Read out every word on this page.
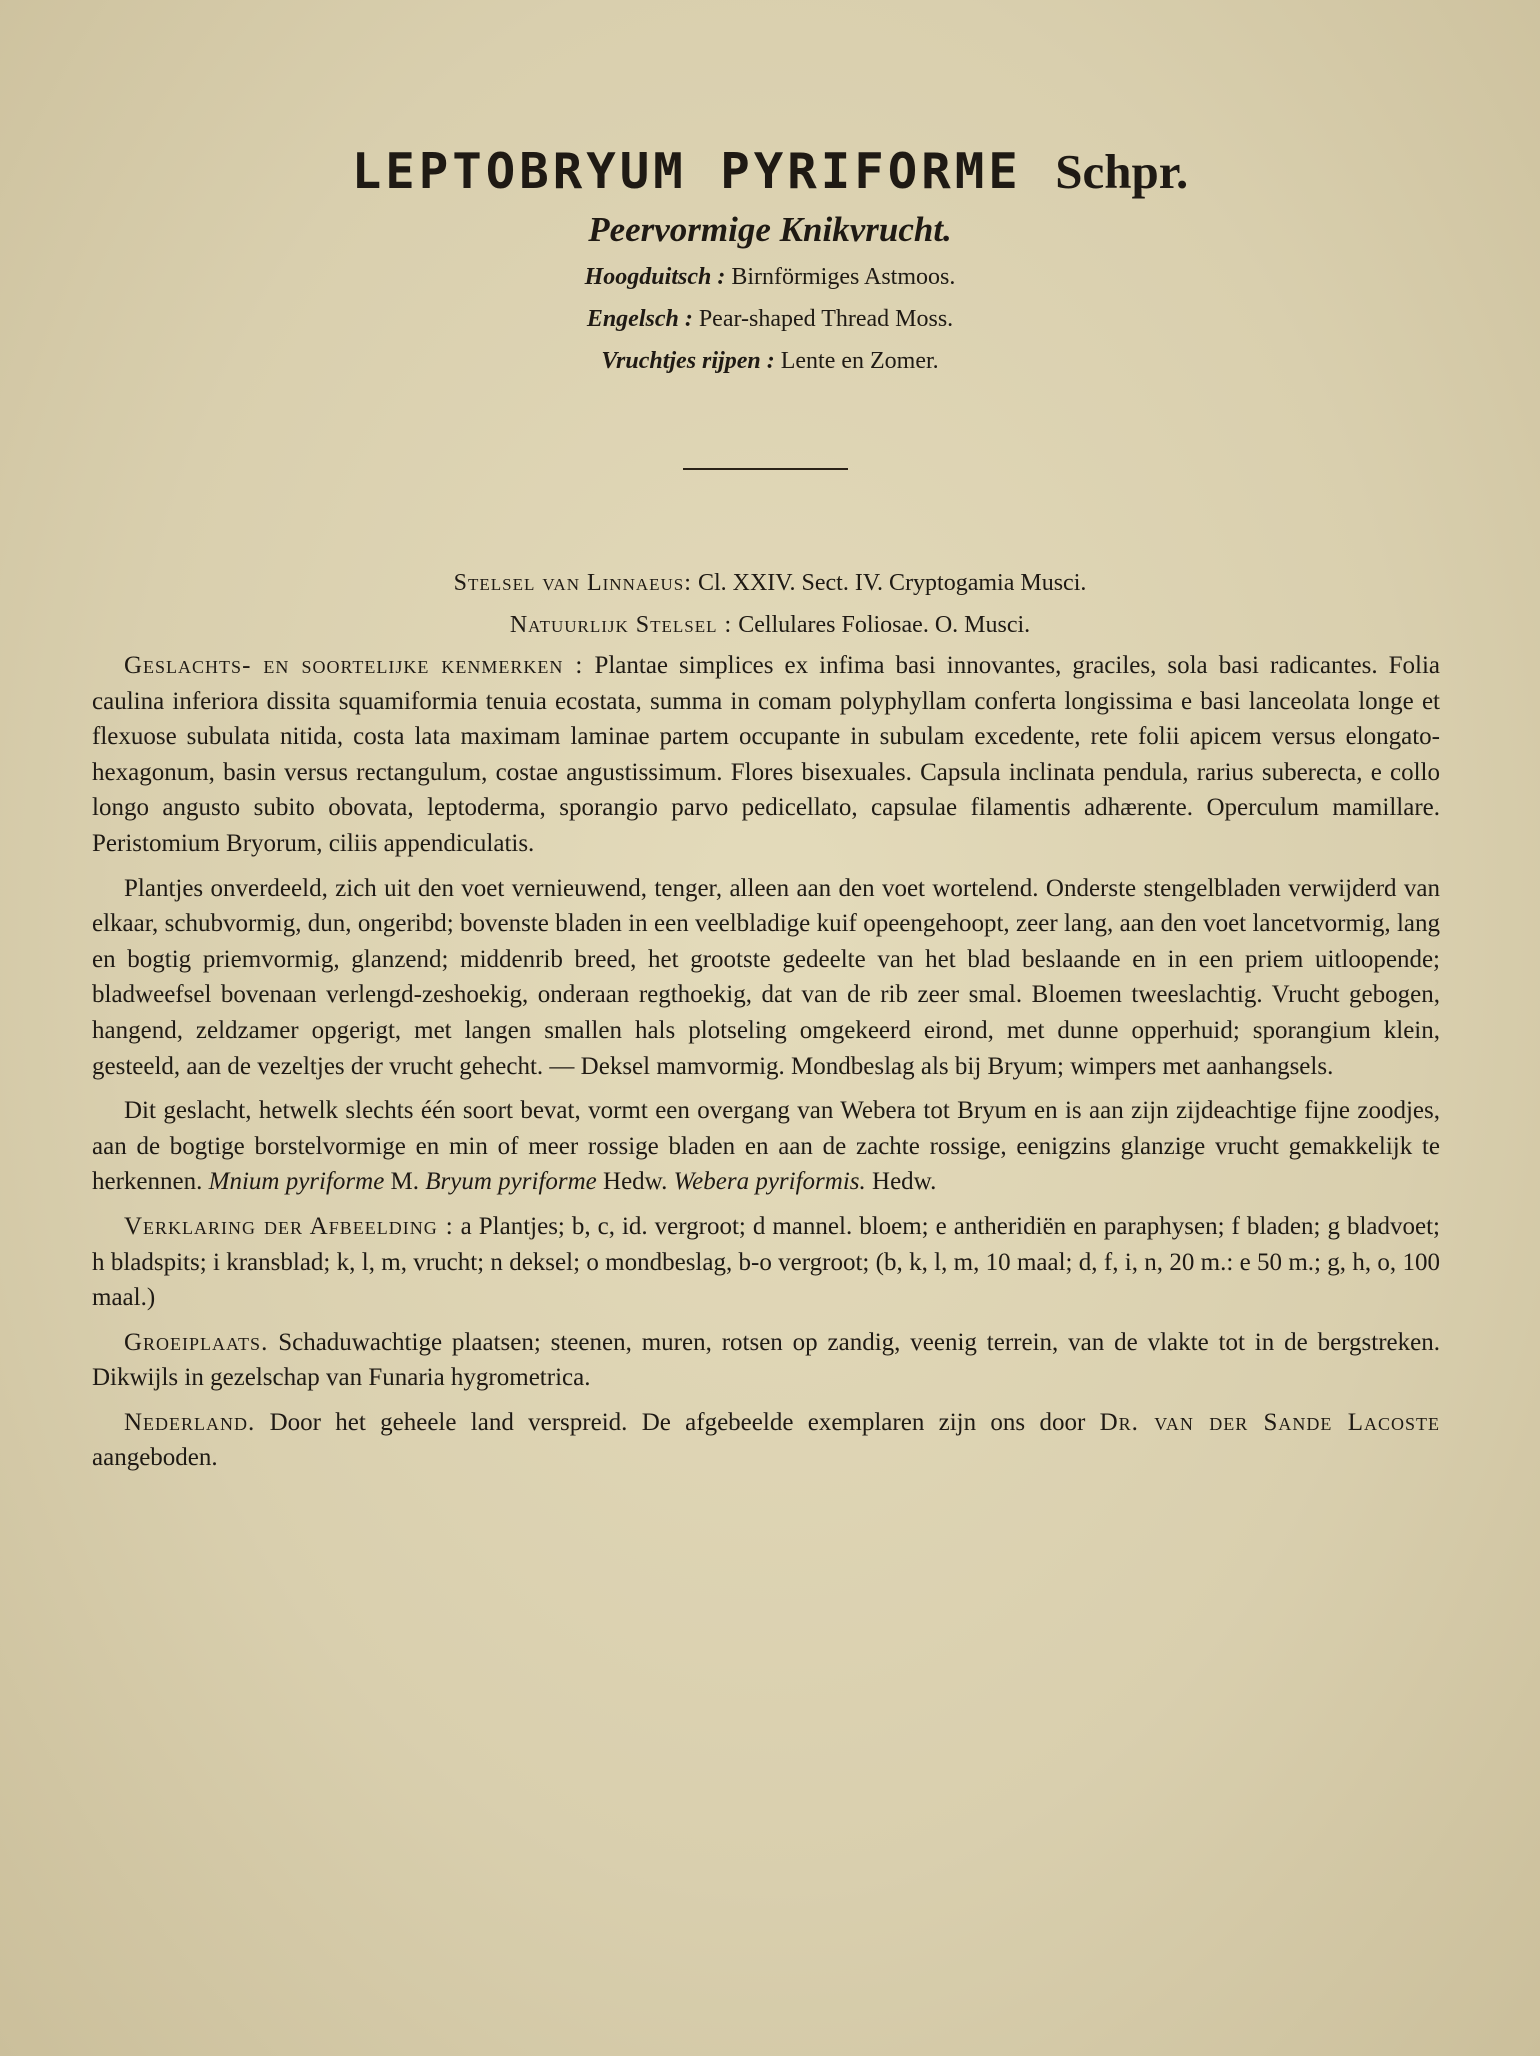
LEPTOBRYUM PYRIFORME Schpr.
Peervormige Knikvrucht.
Hoogduitsch : Birnförmiges Astmoos.
Engelsch : Pear-shaped Thread Moss.
Vruchtjes rijpen : Lente en Zomer.
Stelsel van Linnaeus: Cl. XXIV. Sect. IV. Cryptogamia Musci.
Natuurlijk Stelsel : Cellulares Foliosae. O. Musci.

Geslachts- en soortelijke kenmerken : Plantae simplices ex infima basi innovantes, graciles, sola basi radicantes. Folia caulina inferiora dissita squamiformia tenuia ecostata, summa in comam polyphyllam conferta longissima e basi lanceolata longe et flexuose subulata nitida, costa lata maximam laminae partem occupante in subulam excedente, rete folii apicem versus elongato-hexagonum, basin versus rectangulum, costae angustissimum. Flores bisexuales. Capsula inclinata pendula, rarius suberecta, e collo longo angusto subito obovata, leptoderma, sporangio parvo pedicellato, capsulae filamentis adhærente. Operculum mamillare. Peristomium Bryorum, ciliis appendiculatis.

Plantjes onverdeeld, zich uit den voet vernieuwend, tenger, alleen aan den voet wortelend. Onderste stengelbladen verwijderd van elkaar, schubvormig, dun, ongeribd; bovenste bladen in een veelbladige kuif opeengehoopt, zeer lang, aan den voet lancetvormig, lang en bogtig priemvormig, glanzend; middenrib breed, het grootste gedeelte van het blad beslaande en in een priem uitloopende; bladweefsel bovenaan verlengd-zeshoekig, onderaan regthoekig, dat van de rib zeer smal. Bloemen tweeslachtig. Vrucht gebogen, hangend, zeldzamer opgerigt, met langen smallen hals plotseling omgekeerd eirond, met dunne opperhuid; sporangium klein, gesteeld, aan de vezeltjes der vrucht gehecht. — Deksel mamvormig. Mondbeslag als bij Bryum; wimpers met aanhangsels.

Dit geslacht, hetwelk slechts één soort bevat, vormt een overgang van Webera tot Bryum en is aan zijn zijdeachtige fijne zoodjes, aan de bogtige borstelvormige en min of meer rossige bladen en aan de zachte rossige, eenigzins glanzige vrucht gemakkelijk te herkennen. Mnium pyriforme M. Bryum pyriforme Hedw. Webera pyriformis. Hedw.

Verklaring der Afbeelding : a Plantjes; b, c, id. vergroot; d mannel. bloem; e antheridiën en paraphysen; f bladen; g bladvoet; h bladspits; i kransblad; k, l, m, vrucht; n deksel; o mondbeslag, b-o vergroot; (b, k, l, m, 10 maal; d, f, i, n, 20 m.: e 50 m.; g, h, o, 100 maal.)

Groeiplaats. Schaduwachtige plaatsen; steenen, muren, rotsen op zandig, veenig terrein, van de vlakte tot in de bergstreken. Dikwijls in gezelschap van Funaria hygrometrica.

Nederland. Door het geheele land verspreid. De afgebeelde exemplaren zijn ons door Dr. van der Sande Lacoste aangeboden.
